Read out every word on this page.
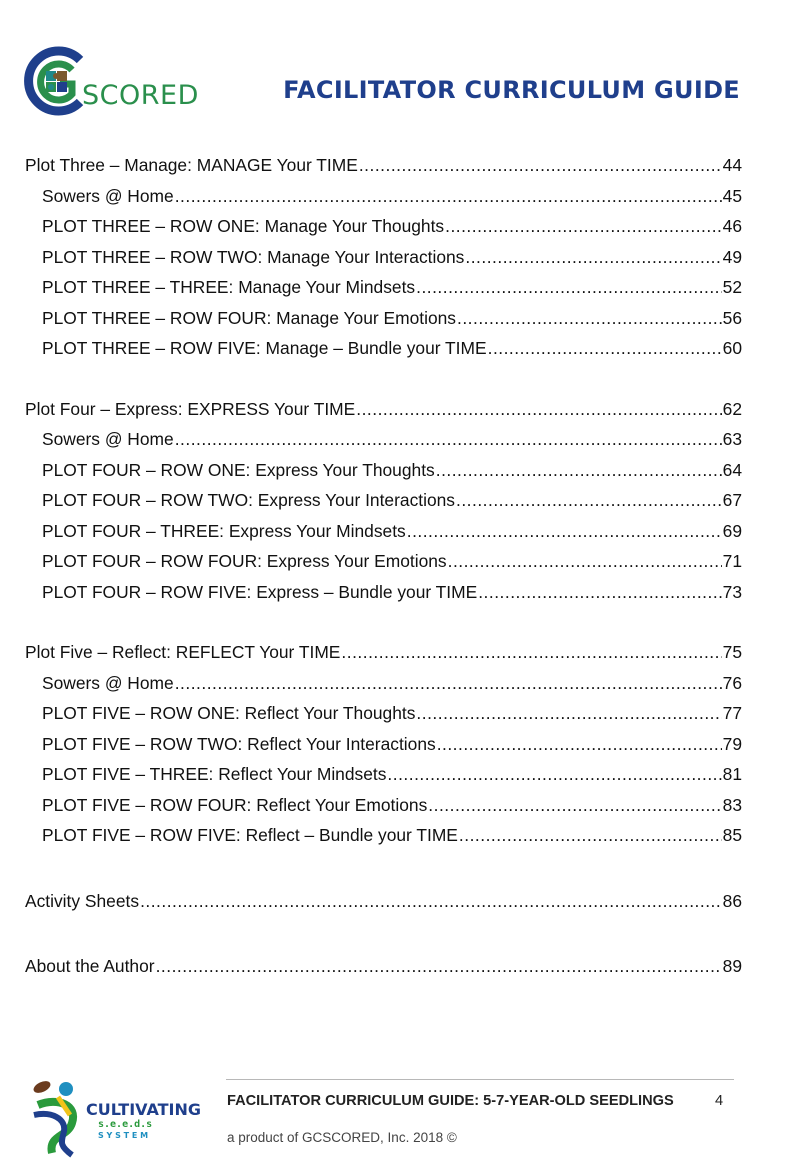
SCORED	FACILITATOR CURRICULUM GUIDE
Plot Three – Manage: MANAGE Your TIME .....	44
Sowers @ Home .....	45
PLOT THREE – ROW ONE: Manage Your Thoughts .....	46
PLOT THREE – ROW TWO: Manage Your Interactions .....	49
PLOT THREE – THREE: Manage Your Mindsets .....	52
PLOT THREE – ROW FOUR: Manage Your Emotions .....	56
PLOT THREE – ROW FIVE: Manage – Bundle your TIME .....	60
Plot Four – Express: EXPRESS Your TIME .....	62
Sowers @ Home .....	63
PLOT FOUR – ROW ONE: Express Your Thoughts .....	64
PLOT FOUR – ROW TWO: Express Your Interactions .....	67
PLOT FOUR – THREE: Express Your Mindsets .....	69
PLOT FOUR – ROW FOUR: Express Your Emotions .....	71
PLOT FOUR – ROW FIVE: Express – Bundle your TIME .....	73
Plot Five – Reflect: REFLECT Your TIME .....	75
Sowers @ Home .....	76
PLOT FIVE – ROW ONE: Reflect Your Thoughts .....	77
PLOT FIVE – ROW TWO: Reflect Your Interactions .....	79
PLOT FIVE – THREE: Reflect Your Mindsets .....	81
PLOT FIVE – ROW FOUR: Reflect Your Emotions .....	83
PLOT FIVE – ROW FIVE: Reflect – Bundle your TIME .....	85
Activity Sheets .....	86
About the Author .....	89
CULTIVATING
s.e.e.d.s
S Y S T E M
FACILITATOR CURRICULUM GUIDE: 5-7-YEAR-OLD SEEDLINGS	4
a product of GCSCORED, Inc. 2018 ©
